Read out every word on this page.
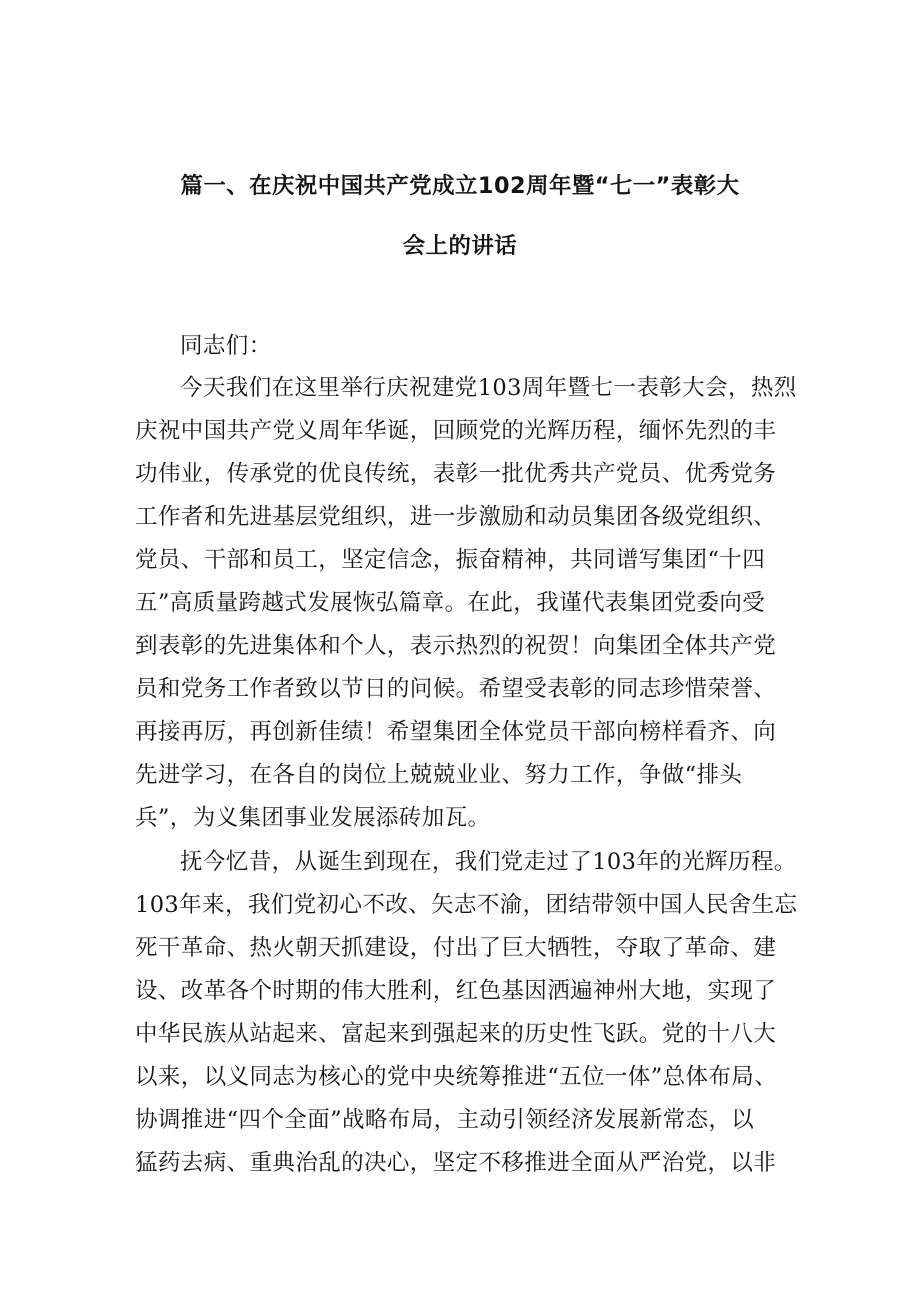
篇一、在庆祝中国共产党成立102周年暨“七一”表彰大
会上的讲话
同志们：
今天我们在这里举行庆祝建党103周年暨七一表彰大会，热烈
庆祝中国共产党义周年华诞，回顾党的光辉历程，缅怀先烈的丰
功伟业，传承党的优良传统，表彰一批优秀共产党员、优秀党务
工作者和先进基层党组织，进一步激励和动员集团各级党组织、
党员、干部和员工，坚定信念，振奋精神，共同谱写集团“十四
五”高质量跨越式发展恢弘篇章。在此，我谨代表集团党委向受
到表彰的先进集体和个人，表示热烈的祝贺！向集团全体共产党
员和党务工作者致以节日的问候。希望受表彰的同志珍惜荣誉、
再接再厉，再创新佳绩！希望集团全体党员干部向榜样看齐、向
先进学习，在各自的岗位上兢兢业业、努力工作，争做“排头
兵”，为义集团事业发展添砖加瓦。
抚今忆昔，从诞生到现在，我们党走过了103年的光辉历程。
103年来，我们党初心不改、矢志不渝，团结带领中国人民舍生忘
死干革命、热火朝天抓建设，付出了巨大牺牲，夺取了革命、建
设、改革各个时期的伟大胜利，红色基因洒遍神州大地，实现了
中华民族从站起来、富起来到强起来的历史性飞跃。党的十八大
以来，以义同志为核心的党中央统筹推进“五位一体”总体布局、
协调推进“四个全面”战略布局，主动引领经济发展新常态，以
猛药去病、重典治乱的决心，坚定不移推进全面从严治党，以非
